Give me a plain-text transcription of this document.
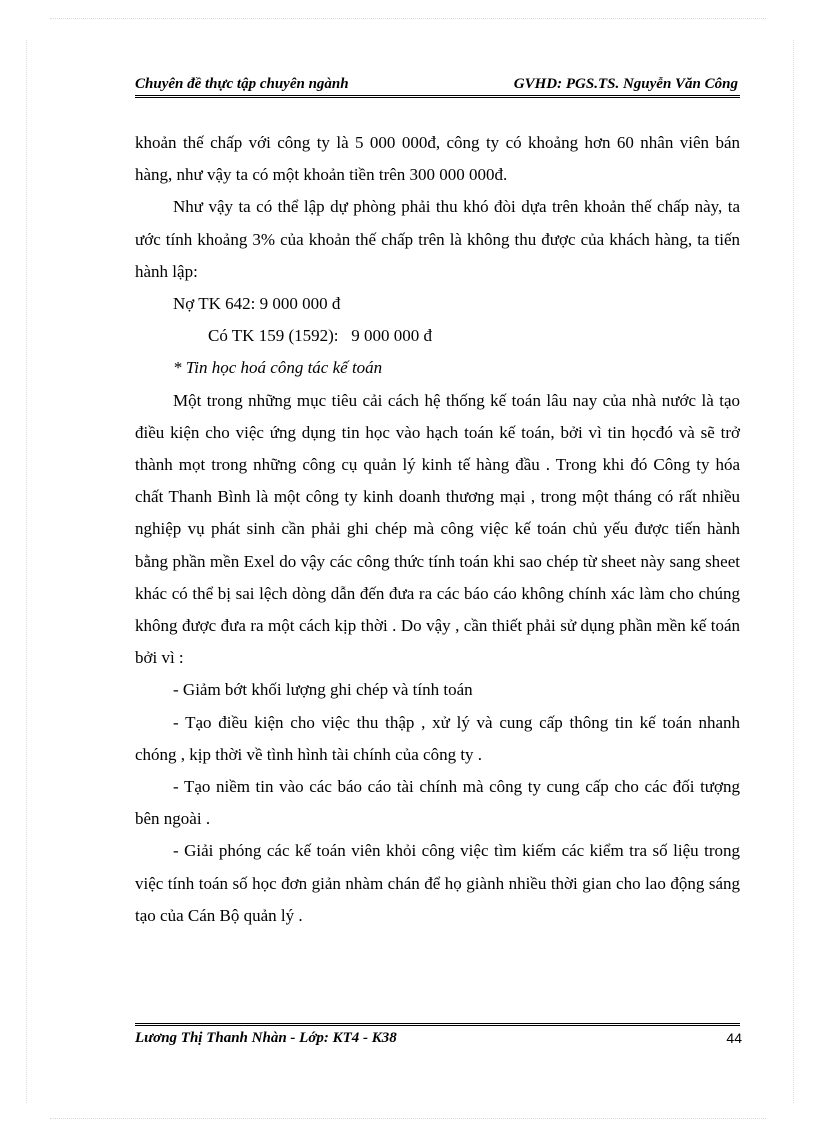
Chuyên đề thực tập chuyên ngành	GVHD: PGS.TS. Nguyễn Văn Công

khoản thế chấp với công ty là 5 000 000đ, công ty có khoảng hơn 60 nhân viên bán hàng, như vậy ta có một khoản tiền trên 300 000 000đ.

Như vậy ta có thể lập dự phòng phải thu khó đòi dựa trên khoản thế chấp này, ta ước tính khoảng 3% của khoản thế chấp trên là không thu được của khách hàng, ta tiến hành lập:

Nợ TK 642: 9 000 000 đ

Có TK 159 (1592):   9 000 000 đ

* Tin học hoá công tác kế toán

Một trong những mục tiêu cải cách hệ thống kế toán lâu nay của nhà nước là tạo điều kiện cho việc ứng dụng tin học vào hạch toán kế toán, bởi vì tin họcđó và sẽ trở thành mọt trong những công cụ quản lý kinh tế hàng đầu . Trong khi đó Công ty hóa chất Thanh Bình là một công ty kinh doanh thương mại , trong một tháng có rất nhiều nghiệp vụ phát sinh cần phải ghi chép mà công việc kế toán chủ yếu được tiến hành bằng phần mền Exel do vậy các công thức tính toán khi sao chép từ sheet này sang sheet khác có thể bị sai lệch dòng dẫn đến đưa ra các báo cáo không chính xác làm cho chúng không được đưa ra một cách kịp thời . Do vậy , cần thiết phải sử dụng phần mền kế toán bởi vì :

- Giảm bớt khối lượng ghi chép và tính toán

- Tạo điều kiện cho việc thu thập , xử lý và cung cấp thông tin kế toán nhanh chóng , kịp thời về tình hình tài chính của công ty .

- Tạo niềm tin vào các báo cáo tài chính mà công ty cung cấp cho các đối tượng bên ngoài .

- Giải phóng các kế toán viên khỏi công việc tìm kiếm các kiểm tra số liệu trong việc tính toán số học đơn giản nhàm chán để họ giành nhiều thời gian cho lao động sáng tạo của Cán Bộ quản lý .

Lương Thị Thanh Nhàn - Lớp: KT4 - K38	44
